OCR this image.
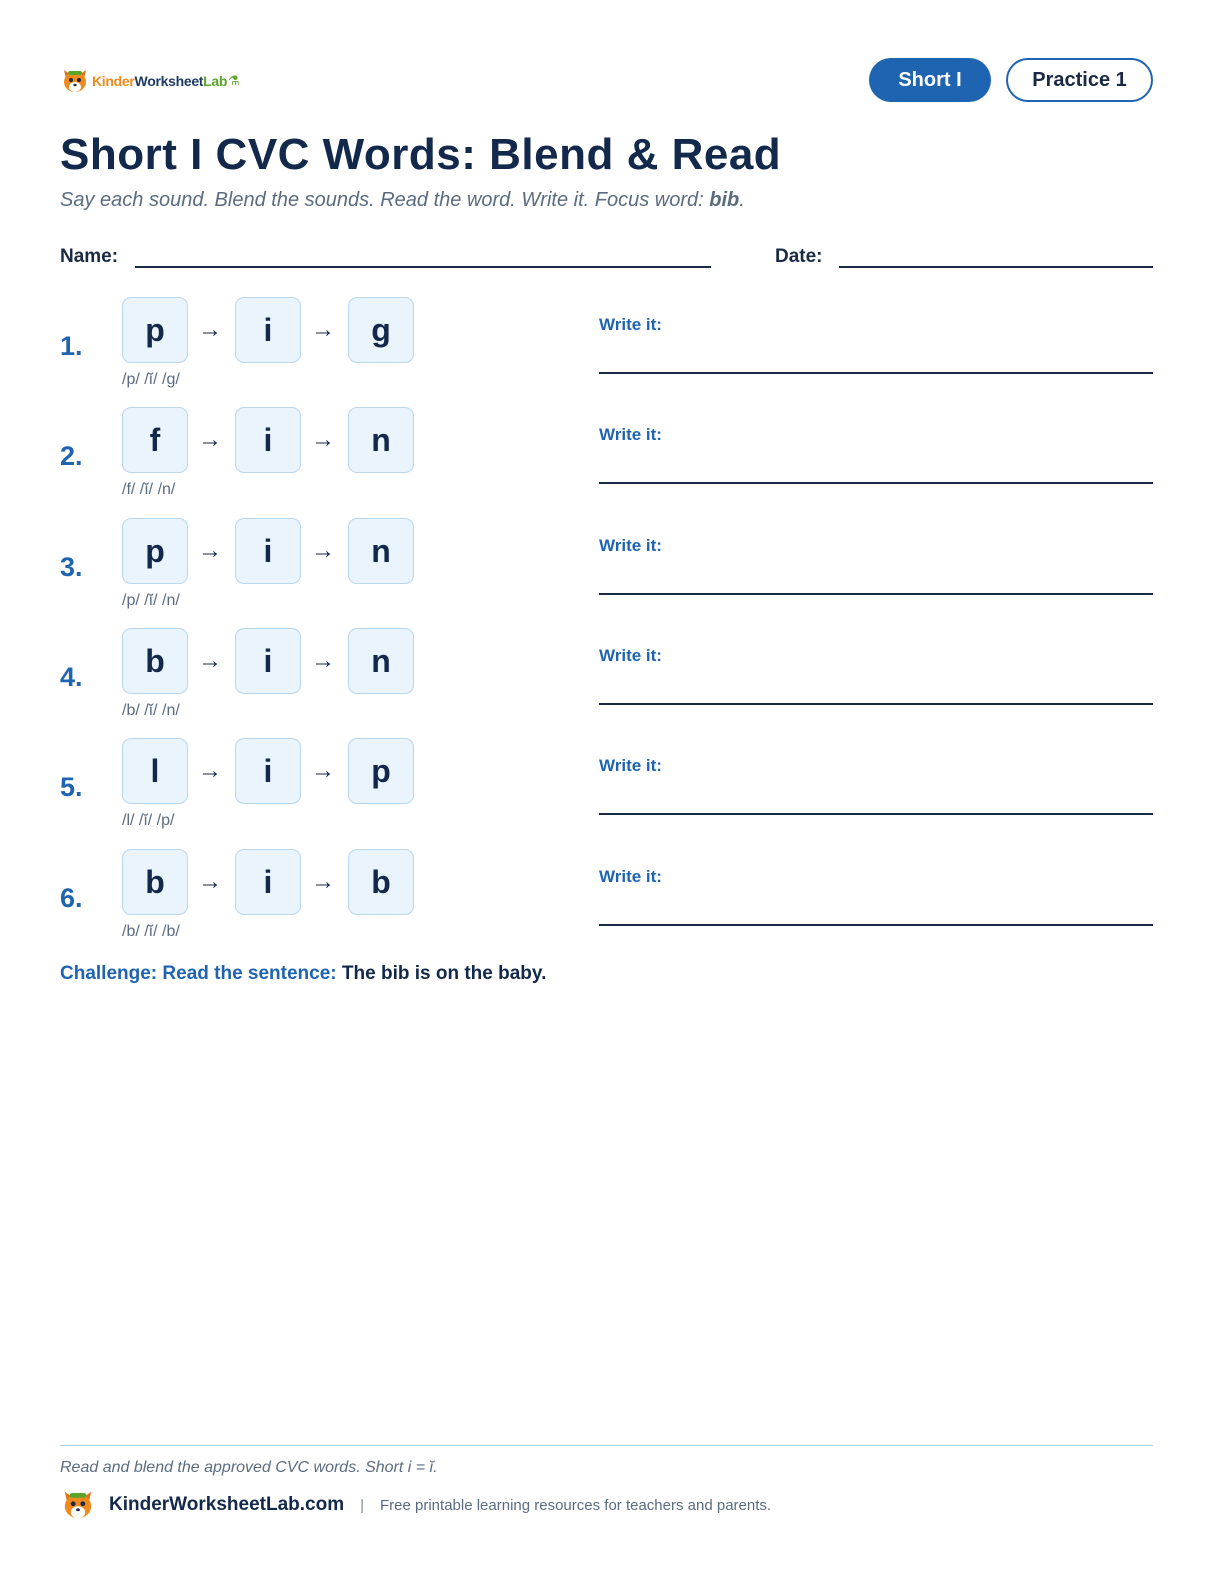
KinderWorksheetLab ⚗	Short I	Practice 1
Short I CVC Words: Blend & Read
Say each sound. Blend the sounds. Read the word. Write it. Focus word: bib.
Name:	Date:
1.	p	i	g
→	→
/p/ /ĭ/ /g/
Write it:
2.	f	i	n
→	→
/f/ /ĭ/ /n/
Write it:
3.	p	i	n
→	→
/p/ /ĭ/ /n/
Write it:
4.	b	i	n
→	→
/b/ /ĭ/ /n/
Write it:
5.	l	i	p
→	→
/l/ /ĭ/ /p/
Write it:
6.	b	i	b
→	→
/b/ /ĭ/ /b/
Write it:
Challenge: Read the sentence: The bib is on the baby.
Read and blend the approved CVC words. Short i = ĭ.
KinderWorksheetLab.com | Free printable learning resources for teachers and parents.
